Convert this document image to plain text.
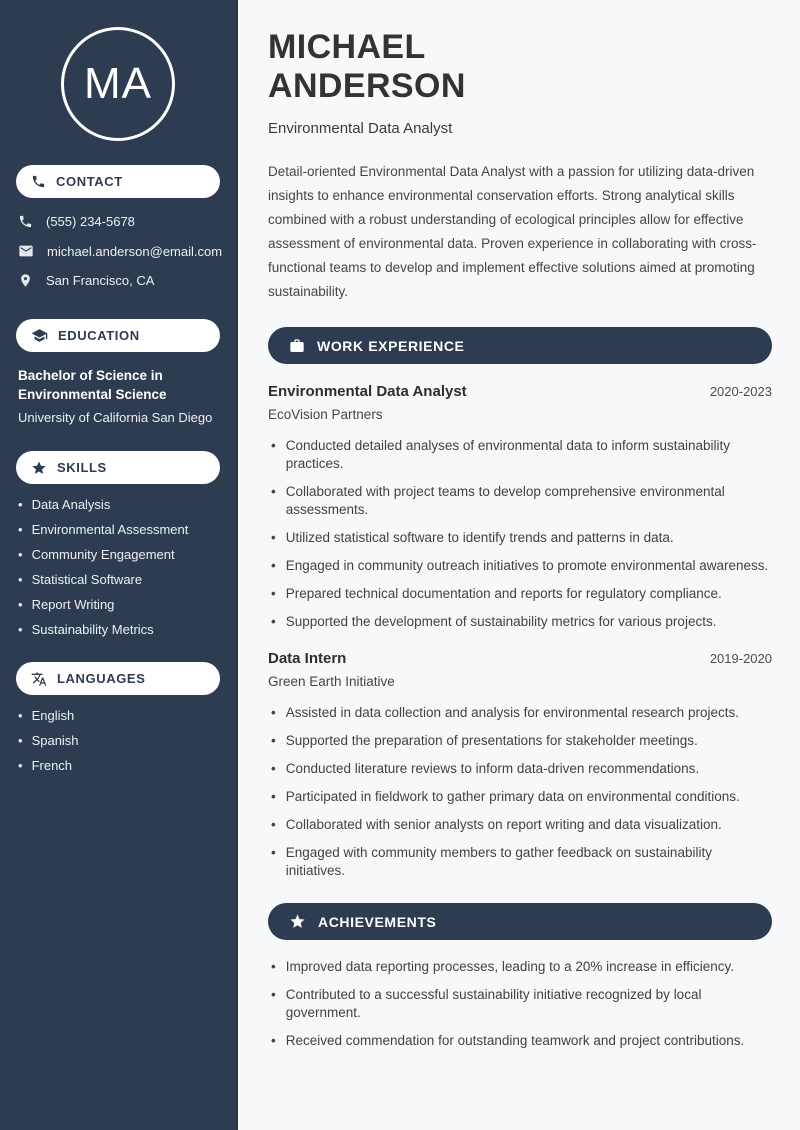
MA
CONTACT
(555) 234-5678
michael.anderson@email.com
San Francisco, CA
EDUCATION
Bachelor of Science in Environmental Science
University of California San Diego
SKILLS
• Data Analysis
• Environmental Assessment
• Community Engagement
• Statistical Software
• Report Writing
• Sustainability Metrics
LANGUAGES
• English
• Spanish
• French
MICHAEL
ANDERSON
Environmental Data Analyst

Detail-oriented Environmental Data Analyst with a passion for utilizing data-driven insights to enhance environmental conservation efforts. Strong analytical skills combined with a robust understanding of ecological principles allow for effective assessment of environmental data. Proven experience in collaborating with cross-functional teams to develop and implement effective solutions aimed at promoting sustainability.

WORK EXPERIENCE
Environmental Data Analyst	2020-2023
EcoVision Partners
• Conducted detailed analyses of environmental data to inform sustainability practices.
• Collaborated with project teams to develop comprehensive environmental assessments.
• Utilized statistical software to identify trends and patterns in data.
• Engaged in community outreach initiatives to promote environmental awareness.
• Prepared technical documentation and reports for regulatory compliance.
• Supported the development of sustainability metrics for various projects.
Data Intern	2019-2020
Green Earth Initiative
• Assisted in data collection and analysis for environmental research projects.
• Supported the preparation of presentations for stakeholder meetings.
• Conducted literature reviews to inform data-driven recommendations.
• Participated in fieldwork to gather primary data on environmental conditions.
• Collaborated with senior analysts on report writing and data visualization.
• Engaged with community members to gather feedback on sustainability initiatives.
ACHIEVEMENTS
• Improved data reporting processes, leading to a 20% increase in efficiency.
• Contributed to a successful sustainability initiative recognized by local government.
• Received commendation for outstanding teamwork and project contributions.
